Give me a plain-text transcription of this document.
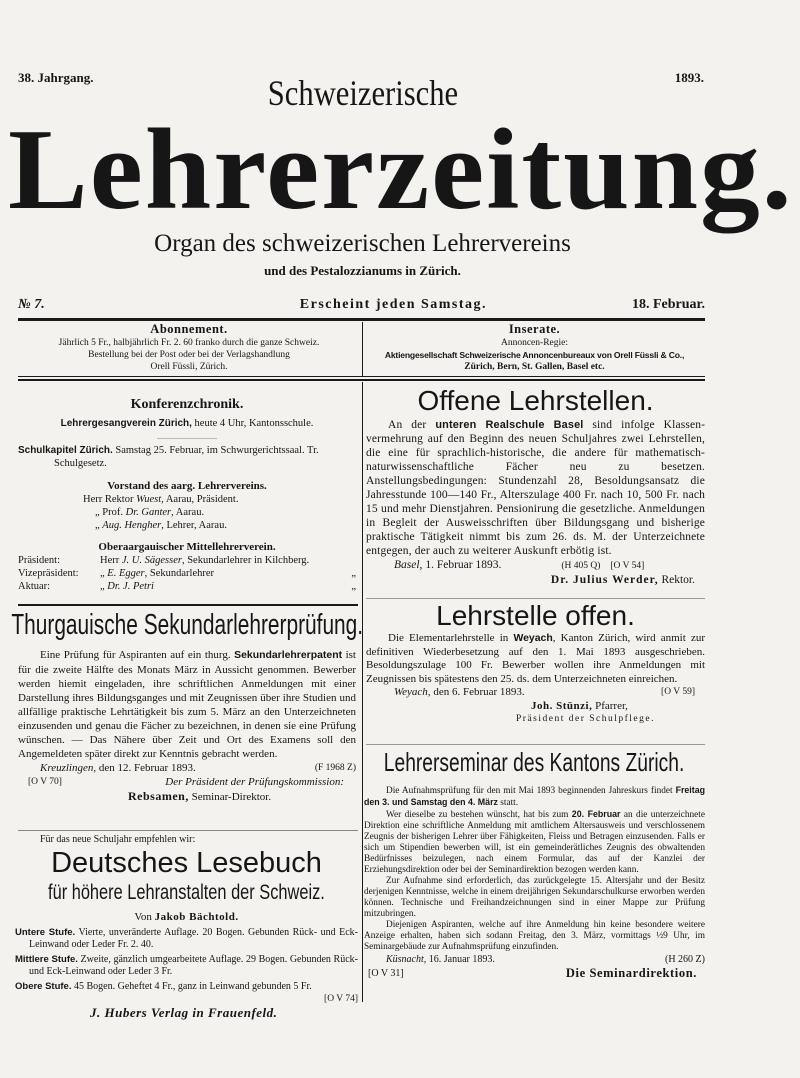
38. Jahrgang.	1893.
Schweizerische
Lehrerzeitung.
Organ des schweizerischen Lehrervereins
und des Pestalozzianums in Zürich.
№ 7.	Erscheint jeden Samstag.	18. Februar.
Abonnement.
Jährlich 5 Fr., halbjährlich Fr. 2. 60 franko durch die ganze Schweiz.
Bestellung bei der Post oder bei der Verlagshandlung
Orell Füssli, Zürich.
Inserate.
Annoncen-Regie:
Aktiengesellschaft Schweizerische Annoncenbureaux von Orell Füssli & Co.,
Zürich, Bern, St. Gallen, Basel etc.
Konferenzchronik.

Lehrergesangverein Zürich, heute 4 Uhr, Kantonsschule.

Schulkapitel Zürich. Samstag 25. Februar, im Schwurgerichtssaal. Tr. Schulgesetz.

Vorstand des aarg. Lehrervereins.

Herr Rektor Wuest, Aarau, Präsident.

„ Prof. Dr. Ganter, Aarau.

„ Aug. Hengher, Lehrer, Aarau.

Oberaargauischer Mittellehrerverein.
Präsident:	Herr J. U. Sägesser, Sekundarlehrer in Kilchberg.
Vizepräsident:	„ E. Egger, Sekundarlehrer	„
Aktuar:	„ Dr. J. Petri	„
Thurgauische Sekundarlehrerprüfung.

Eine Prüfung für Aspiranten auf ein thurg. Sekundarlehrerpatent ist für die zweite Hälfte des Monats März in Aussicht genommen. Bewerber werden hiemit eingeladen, ihre schriftlichen Anmeldungen mit einer Darstellung ihres Bildungsganges und mit Zeugnissen über ihre Studien und allfällige praktische Lehrtätigkeit bis zum 5. März an den Unterzeichneten einzusenden und genau die Fächer zu bezeichnen, in denen sie eine Prüfung wünschen. — Das Nähere über Zeit und Ort des Examens soll den Angemeldeten später direkt zur Kenntnis gebracht werden.

Kreuzlingen, den 12. Februar 1893.	(F 1968 Z)
[O V 70]	Der Präsident der Prüfungskommission:
Rebsamen, Seminar-Direktor.
Für das neue Schuljahr empfehlen wir:
Deutsches Lesebuch
für höhere Lehranstalten der Schweiz.
Von Jakob Bächtold.

Untere Stufe. Vierte, unveränderte Auflage. 20 Bogen. Gebunden Rück- und Eck-Leinwand oder Leder Fr. 2. 40.

Mittlere Stufe. Zweite, gänzlich umgearbeitete Auflage. 29 Bogen. Gebunden Rück- und Eck-Leinwand oder Leder 3 Fr.

Obere Stufe. 45 Bogen. Geheftet 4 Fr., ganz in Leinwand gebunden 5 Fr.

[O V 74]
J. Hubers Verlag in Frauenfeld.
Offene Lehrstellen.

An der unteren Realschule Basel sind infolge Klassenvermehrung auf den Beginn des neuen Schuljahres zwei Lehrstellen, die eine für sprachlich-historische, die andere für mathematisch-naturwissenschaftliche Fächer neu zu besetzen. Anstellungsbedingungen: Stundenzahl 28, Besoldungsansatz die Jahresstunde 100—140 Fr., Alterszulage 400 Fr. nach 10, 500 Fr. nach 15 und mehr Dienstjahren. Pensionirung die gesetzliche. Anmeldungen in Begleit der Ausweisschriften über Bildungsgang und bisherige praktische Tätigkeit nimmt bis zum 26. ds. M. der Unterzeichnete entgegen, der auch zu weiterer Auskunft erbötig ist.

Basel, 1. Februar 1893.	(H 405 Q) [O V 54]
Dr. Julius Werder, Rektor.
Lehrstelle offen.

Die Elementarlehrstelle in Weyach, Kanton Zürich, wird anmit zur definitiven Wiederbesetzung auf den 1. Mai 1893 ausgeschrieben. Besoldungszulage 100 Fr. Bewerber wollen ihre Anmeldungen mit Zeugnissen bis spätestens den 25. ds. dem Unterzeichneten einreichen.

Weyach, den 6. Februar 1893.	[O V 59]
Joh. Stünzi, Pfarrer,
Präsident der Schulpflege.
Lehrerseminar des Kantons Zürich.

Die Aufnahmsprüfung für den mit Mai 1893 beginnenden Jahreskurs findet Freitag den 3. und Samstag den 4. März statt.

Wer dieselbe zu bestehen wünscht, hat bis zum 20. Februar an die unterzeichnete Direktion eine schriftliche Anmeldung mit amtlichem Altersausweis und verschlossenem Zeugnis der bisherigen Lehrer über Fähigkeiten, Fleiss und Betragen einzusenden. Falls er sich um Stipendien bewerben will, ist ein gemeinderätliches Zeugnis des obwaltenden Bedürfnisses beizulegen, nach einem Formular, das auf der Kanzlei der Erziehungsdirektion oder bei der Seminardirektion bezogen werden kann.

Zur Aufnahme sind erforderlich, das zurückgelegte 15. Altersjahr und der Besitz derjenigen Kenntnisse, welche in einem dreijährigen Sekundarschulkurse erworben werden können. Technische und Freihandzeichnungen sind in einer Mappe zur Prüfung mitzubringen.

Diejenigen Aspiranten, welche auf ihre Anmeldung hin keine besondere weitere Anzeige erhalten, haben sich sodann Freitag, den 3. März, vormittags ½9 Uhr, im Seminargebäude zur Aufnahmsprüfung einzufinden.

Küsnacht, 16. Januar 1893.	(H 260 Z)
[O V 31]	Die Seminardirektion.
